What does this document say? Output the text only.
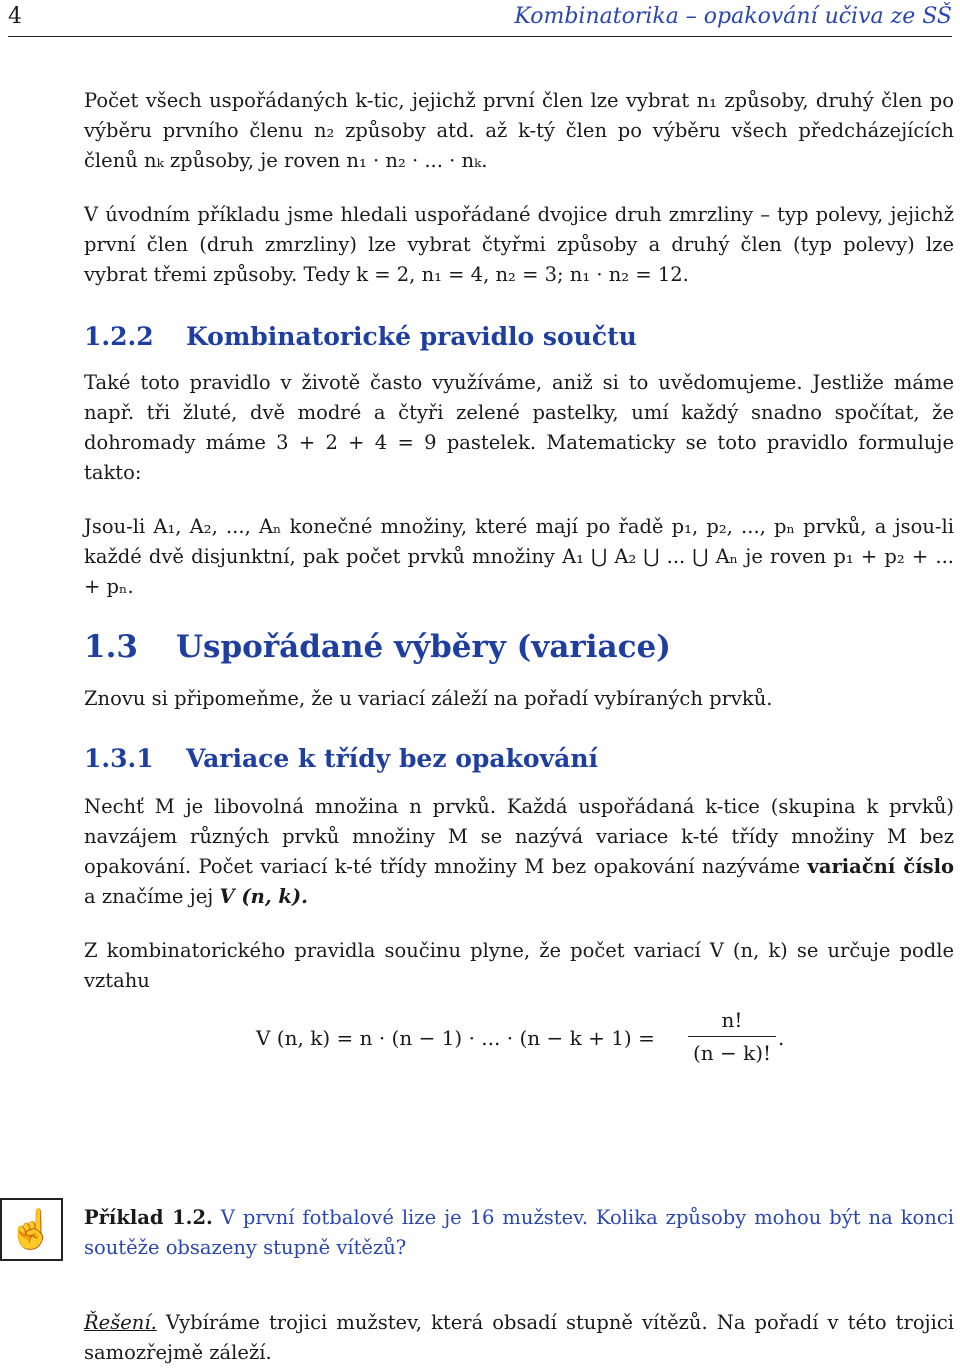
4	Kombinatorika – opakování učiva ze SŠ

Počet všech uspořádaných k-tic, jejichž první člen lze vybrat n₁ způsoby, druhý člen po výběru prvního členu n₂ způsoby atd. až k-tý člen po výběru všech předcházejících členů nₖ způsoby, je roven n₁ · n₂ · ... · nₖ.

V úvodním příkladu jsme hledali uspořádané dvojice druh zmrzliny – typ polevy, jejichž první člen (druh zmrzliny) lze vybrat čtyřmi způsoby a druhý člen (typ polevy) lze vybrat třemi způsoby. Tedy k = 2, n₁ = 4, n₂ = 3; n₁ · n₂ = 12.

1.2.2 Kombinatorické pravidlo součtu

Také toto pravidlo v životě často využíváme, aniž si to uvědomujeme. Jestliže máme např. tři žluté, dvě modré a čtyři zelené pastelky, umí každý snadno spočítat, že dohromady máme 3 + 2 + 4 = 9 pastelek. Matematicky se toto pravidlo formuluje takto:

Jsou-li A₁, A₂, ..., Aₙ konečné množiny, které mají po řadě p₁, p₂, ..., pₙ prvků, a jsou-li každé dvě disjunktní, pak počet prvků množiny A₁ ⋃ A₂ ⋃ ... ⋃ Aₙ je roven p₁ + p₂ + ... + pₙ.

1.3 Uspořádané výběry (variace)

Znovu si připomeňme, že u variací záleží na pořadí vybíraných prvků.

1.3.1 Variace k třídy bez opakování

Nechť M je libovolná množina n prvků. Každá uspořádaná k-tice (skupina k prvků) navzájem různých prvků množiny M se nazývá variace k-té třídy množiny M bez opakování. Počet variací k-té třídy množiny M bez opakování nazýváme variační číslo a značíme jej V (n, k).

Z kombinatorického pravidla součinu plyne, že počet variací V (n, k) se určuje podle vztahu

V (n, k) = n · (n − 1) · ... · (n − k + 1) =
n!
(n − k)!
.
☝	Příklad 1.2. V první fotbalové lize je 16 mužstev. Kolika způsoby mohou být na konci soutěže obsazeny stupně vítězů?

Řešení. Vybíráme trojici mužstev, která obsadí stupně vítězů. Na pořadí v této trojici samozřejmě záleží.
